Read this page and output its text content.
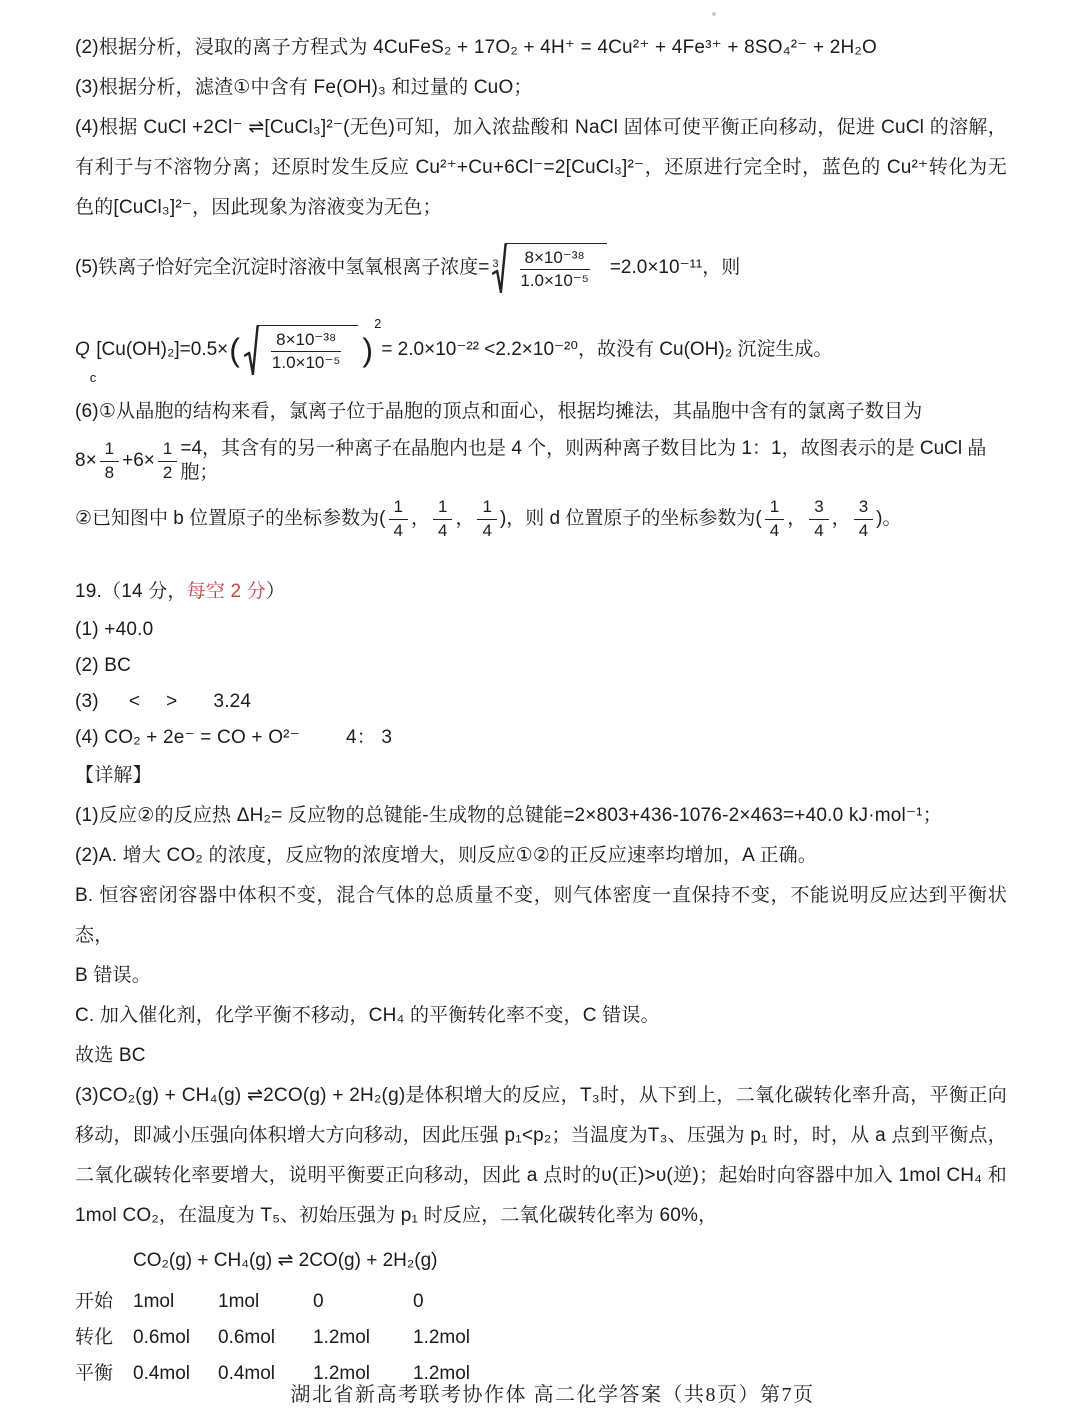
(2)根据分析，浸取的离子方程式为 4CuFeS₂ + 17O₂ + 4H⁺ = 4Cu²⁺ + 4Fe³⁺ + 8SO₄²⁻ + 2H₂O

(3)根据分析，滤渣①中含有 Fe(OH)₃ 和过量的 CuO；

(4)根据 CuCl +2Cl⁻ ⇌[CuCl₃]²⁻(无色)可知，加入浓盐酸和 NaCl 固体可使平衡正向移动，促进 CuCl 的溶解，有利于与不溶物分离；还原时发生反应 Cu²⁺+Cu+6Cl⁻=2[CuCl₃]²⁻，还原进行完全时，蓝色的 Cu²⁺转化为无色的[CuCl₃]²⁻，因此现象为溶液变为无色；

(5)铁离子恰好完全沉淀时溶液中氢氧根离子浓度= $3 \frac{\text{8×10⁻³⁸}}{\text{1.0×10⁻⁵}} =2.0\times 10^{-11}$，则
Q
c
[Cu(OH)₂]=0.5× ( $\frac{\text{8×10⁻³⁸}}{\text{1.0×10⁻⁵}}$ )
2
= 2.0×10⁻²² <2.2×10⁻²⁰，故没有 Cu(OH)₂ 沉淀生成。

(6)①从晶胞的结构来看，氯离子位于晶胞的顶点和面心，根据均摊法，其晶胞中含有的氯离子数目为

$8\times \frac{1}{8} +6\times \frac{1}{2} =4$，其含有的另一种离子在晶胞内也是 4 个，则两种离子数目比为 1：1，故图表示的是 CuCl 晶胞；
②已知图中 b 位置原子的坐标参数为( $\frac{1}{4}$ ， $\frac{1}{4}$ ， $\frac{1}{4}$ )，则 d 位置原子的坐标参数为( $\frac{1}{4}$ ， $\frac{3}{4}$ ， $\frac{3}{4}$ )。

19.（14 分，每空 2 分）

(1) +40.0

(2) BC

(3) < > 3.24

(4) CO₂ + 2e⁻ = CO + O²⁻ 4： 3

【详解】

(1)反应②的反应热 ΔH₂= 反应物的总键能-生成物的总键能=2×803+436-1076-2×463=+40.0 kJ·mol⁻¹；

(2)A. 增大 CO₂ 的浓度，反应物的浓度增大，则反应①②的正反应速率均增加，A 正确。

B. 恒容密闭容器中体积不变，混合气体的总质量不变，则气体密度一直保持不变，不能说明反应达到平衡状态，

B 错误。

C. 加入催化剂，化学平衡不移动，CH₄ 的平衡转化率不变，C 错误。

故选 BC

(3)CO₂(g) + CH₄(g) ⇌2CO(g) + 2H₂(g)是体积增大的反应，T₃时，从下到上，二氧化碳转化率升高，平衡正向移动，即减小压强向体积增大方向移动，因此压强 p₁<p₂；当温度为T₃、压强为 p₁ 时，时，从 a 点到平衡点，二氧化碳转化率要增大，说明平衡要正向移动，因此 a 点时的υ(正)>υ(逆)；起始时向容器中加入 1mol CH₄ 和 1mol CO₂，在温度为 T₅、初始压强为 p₁ 时反应，二氧化碳转化率为 60%，

CO₂(g) + CH₄(g) ⇌ 2CO(g) + 2H₂(g)
开始	1mol	1mol	0	0
转化	0.6mol	0.6mol	1.2mol	1.2mol
平衡	0.4mol	0.4mol	1.2mol	1.2mol
湖北省新高考联考协作体 高二化学答案（共8页）第7页
